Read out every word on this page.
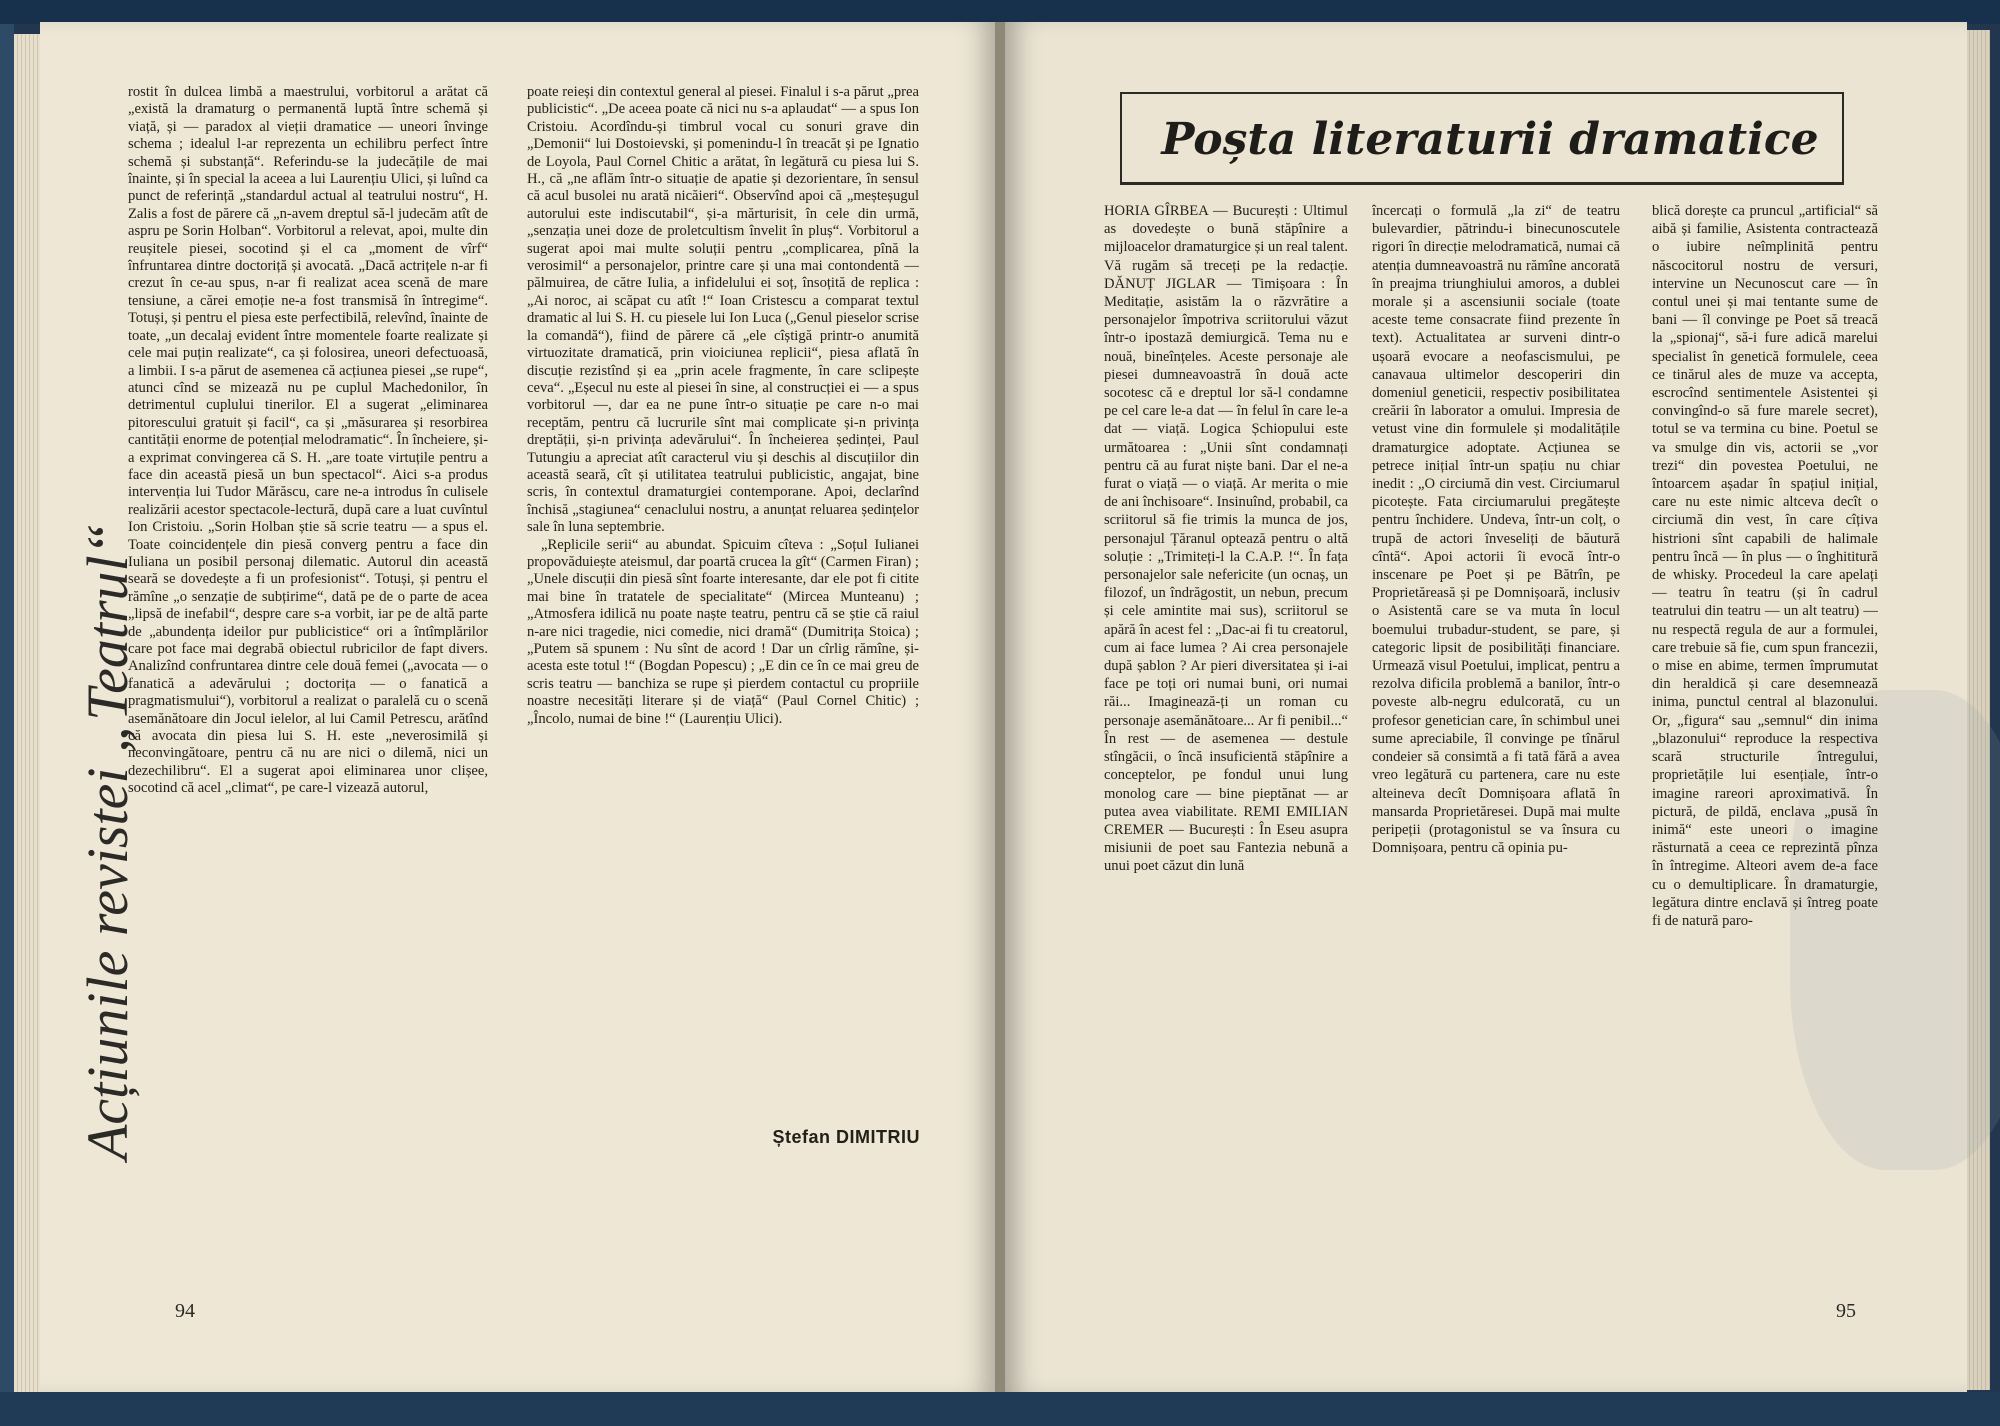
Acțiunile revistei „Teatrul“

rostit în dulcea limbă a maestrului, vorbitorul a arătat că „există la dramaturg o permanentă luptă între schemă și viață, și — paradox al vieții dramatice — uneori învinge schema ; idealul l-ar reprezenta un echilibru perfect între schemă și substanță“. Referindu-se la judecățile de mai înainte, și în special la aceea a lui Laurențiu Ulici, și luînd ca punct de referință „standardul actual al teatrului nostru“, H. Zalis a fost de părere că „n-avem dreptul să-l judecăm atît de aspru pe Sorin Holban“. Vorbitorul a relevat, apoi, multe din reușitele piesei, socotind și el ca „moment de vîrf“ înfruntarea dintre doctoriță și avocată. „Dacă actrițele n-ar fi crezut în ce-au spus, n-ar fi realizat acea scenă de mare tensiune, a cărei emoție ne-a fost transmisă în întregime“. Totuși, și pentru el piesa este perfectibilă, relevînd, înainte de toate, „un decalaj evident între momentele foarte realizate și cele mai puțin realizate“, ca și folosirea, uneori defectuoasă, a limbii. I s-a părut de asemenea că acțiunea piesei „se rupe“, atunci cînd se mizează nu pe cuplul Machedonilor, în detrimentul cuplului tinerilor. El a sugerat „eliminarea pitorescului gratuit și facil“, ca și „măsurarea și resorbirea cantității enorme de potențial melodramatic“. În încheiere, și-a exprimat convingerea că S. H. „are toate virtuțile pentru a face din această piesă un bun spectacol“. Aici s-a produs intervenția lui Tudor Mărăscu, care ne-a introdus în culisele realizării acestor spectacole-lectură, după care a luat cuvîntul Ion Cristoiu. „Sorin Holban știe să scrie teatru — a spus el. Toate coincidențele din piesă converg pentru a face din Iuliana un posibil personaj dilematic. Autorul din această seară se dovedește a fi un profesionist“. Totuși, și pentru el rămîne „o senzație de subțirime“, dată pe de o parte de acea „lipsă de inefabil“, despre care s-a vorbit, iar pe de altă parte de „abundența ideilor pur publicistice“ ori a întîmplărilor care pot face mai degrabă obiectul rubricilor de fapt divers. Analizînd confruntarea dintre cele două femei („avocata — o fanatică a adevărului ; doctorița — o fanatică a pragmatismului“), vorbitorul a realizat o paralelă cu o scenă asemănătoare din Jocul ielelor, al lui Camil Petrescu, arătînd că avocata din piesa lui S. H. este „neverosimilă și neconvingătoare, pentru că nu are nici o dilemă, nici un dezechilibru“. El a sugerat apoi eliminarea unor clișee, socotind că acel „climat“, pe care-l vizează autorul,

poate reieși din contextul general al piesei. Finalul i s-a părut „prea publicistic“. „De aceea poate că nici nu s-a aplaudat“ — a spus Ion Cristoiu. Acordîndu-și timbrul vocal cu sonuri grave din „Demonii“ lui Dostoievski, și pomenindu-l în treacăt și pe Ignatio de Loyola, Paul Cornel Chitic a arătat, în legătură cu piesa lui S. H., că „ne aflăm într-o situație de apatie și dezorientare, în sensul că acul busolei nu arată nicăieri“. Observînd apoi că „meșteșugul autorului este indiscutabil“, și-a mărturisit, în cele din urmă, „senzația unei doze de proletcultism învelit în pluș“. Vorbitorul a sugerat apoi mai multe soluții pentru „complicarea, pînă la verosimil“ a personajelor, printre care și una mai contondentă — pălmuirea, de către Iulia, a infidelului ei soț, însoțită de replica : „Ai noroc, ai scăpat cu atît !“ Ioan Cristescu a comparat textul dramatic al lui S. H. cu piesele lui Ion Luca („Genul pieselor scrise la comandă“), fiind de părere că „ele cîștigă printr-o anumită virtuozitate dramatică, prin vioiciunea replicii“, piesa aflată în discuție rezistînd și ea „prin acele fragmente, în care sclipește ceva“. „Eșecul nu este al piesei în sine, al construcției ei — a spus vorbitorul —, dar ea ne pune într-o situație pe care n-o mai receptăm, pentru că lucrurile sînt mai complicate și-n privința dreptății, și-n privința adevărului“. În încheierea ședinței, Paul Tutungiu a apreciat atît caracterul viu și deschis al discuțiilor din această seară, cît și utilitatea teatrului publicistic, angajat, bine scris, în contextul dramaturgiei contemporane. Apoi, declarînd închisă „stagiunea“ cenaclului nostru, a anunțat reluarea ședințelor sale în luna septembrie.

„Replicile serii“ au abundat. Spicuim cîteva : „Soțul Iulianei propovăduiește ateismul, dar poartă crucea la gît“ (Carmen Firan) ; „Unele discuții din piesă sînt foarte interesante, dar ele pot fi citite mai bine în tratatele de specialitate“ (Mircea Munteanu) ; „Atmosfera idilică nu poate naște teatru, pentru că se știe că raiul n-are nici tragedie, nici comedie, nici dramă“ (Dumitrița Stoica) ; „Putem să spunem : Nu sînt de acord ! Dar un cîrlig rămîne, și-acesta este totul !“ (Bogdan Popescu) ; „E din ce în ce mai greu de scris teatru — banchiza se rupe și pierdem contactul cu propriile noastre necesități literare și de viață“ (Paul Cornel Chitic) ; „Încolo, numai de bine !“ (Laurențiu Ulici).

Ștefan DIMITRIU
94
Poșta literaturii dramatice

HORIA GÎRBEA — București : Ultimul as dovedește o bună stăpînire a mijloacelor dramaturgice și un real talent. Vă rugăm să treceți pe la redacție. DĂNUȚ JIGLAR — Timișoara : În Meditație, asistăm la o răzvrătire a personajelor împotriva scriitorului văzut într-o ipostază demiurgică. Tema nu e nouă, bineînțeles. Aceste personaje ale piesei dumneavoastră în două acte socotesc că e dreptul lor să-l condamne pe cel care le-a dat — în felul în care le-a dat — viață. Logica Șchiopului este următoarea : „Unii sînt condamnați pentru că au furat niște bani. Dar el ne-a furat o viață — o viață. Ar merita o mie de ani închisoare“. Insinuînd, probabil, ca scriitorul să fie trimis la munca de jos, personajul Țăranul optează pentru o altă soluție : „Trimiteți-l la C.A.P. !“. În fața personajelor sale nefericite (un ocnaș, un filozof, un îndrăgostit, un nebun, precum și cele amintite mai sus), scriitorul se apără în acest fel : „Dac-ai fi tu creatorul, cum ai face lumea ? Ai crea personajele după șablon ? Ar pieri diversitatea și i-ai face pe toți ori numai buni, ori numai răi... Imaginează-ți un roman cu personaje asemănătoare... Ar fi penibil...“ În rest — de asemenea — destule stîngăcii, o încă insuficientă stăpînire a conceptelor, pe fondul unui lung monolog care — bine pieptănat — ar putea avea viabilitate. REMI EMILIAN CREMER — București : În Eseu asupra misiunii de poet sau Fantezia nebună a unui poet căzut din lună

încercați o formulă „la zi“ de teatru bulevardier, pătrindu-i binecunoscutele rigori în direcție melodramatică, numai că atenția dumneavoastră nu rămîne ancorată în preajma triunghiului amoros, a dublei morale și a ascensiunii sociale (toate aceste teme consacrate fiind prezente în text). Actualitatea ar surveni dintr-o ușoară evocare a neofascismului, pe canavaua ultimelor descoperiri din domeniul geneticii, respectiv posibilitatea creării în laborator a omului. Impresia de vetust vine din formulele și modalitățile dramaturgice adoptate. Acțiunea se petrece inițial într-un spațiu nu chiar inedit : „O circiumă din vest. Circiumarul picotește. Fata circiumarului pregătește pentru închidere. Undeva, într-un colț, o trupă de actori înveseliți de băutură cîntă“. Apoi actorii îi evocă într-o inscenare pe Poet și pe Bătrîn, pe Proprietăreasă și pe Domnișoară, inclusiv o Asistentă care se va muta în locul boemului trubadur-student, se pare, și categoric lipsit de posibilități financiare. Urmează visul Poetului, implicat, pentru a rezolva dificila problemă a banilor, într-o poveste alb-negru edulcorată, cu un profesor genetician care, în schimbul unei sume apreciabile, îl convinge pe tînărul condeier să consimtă a fi tată fără a avea vreo legătură cu partenera, care nu este alteineva decît Domnișoara aflată în mansarda Proprietăresei. După mai multe peripeții (protagonistul se va însura cu Domnișoara, pentru că opinia pu-

blică dorește ca pruncul „artificial“ să aibă și familie, Asistenta contractează o iubire neîmplinită pentru născocitorul nostru de versuri, intervine un Necunoscut care — în contul unei și mai tentante sume de bani — îl convinge pe Poet să treacă la „spionaj“, să-i fure adică marelui specialist în genetică formulele, ceea ce tinărul ales de muze va accepta, escrocînd sentimentele Asistentei și convingînd-o să fure marele secret), totul se va termina cu bine. Poetul se va smulge din vis, actorii se „vor trezi“ din povestea Poetului, ne întoarcem așadar în spațiul inițial, care nu este nimic altceva decît o circiumă din vest, în care cîțiva histrioni sînt capabili de halimale pentru încă — în plus — o înghititură de whisky. Procedeul la care apelați — teatru în teatru (și în cadrul teatrului din teatru — un alt teatru) — nu respectă regula de aur a formulei, care trebuie să fie, cum spun francezii, o mise en abime, termen împrumutat din heraldică și care desemnează inima, punctul central al blazonului. Or, „figura“ sau „semnul“ din inima „blazonului“ reproduce la respectiva scară structurile întregului, proprietățile lui esențiale, într-o imagine rareori aproximativă. În pictură, de pildă, enclava „pusă în inimă“ este uneori o imagine răsturnată a ceea ce reprezintă pînza în întregime. Alteori avem de-a face cu o demultiplicare. În dramaturgie, legătura dintre enclavă și întreg poate fi de natură paro-

95
